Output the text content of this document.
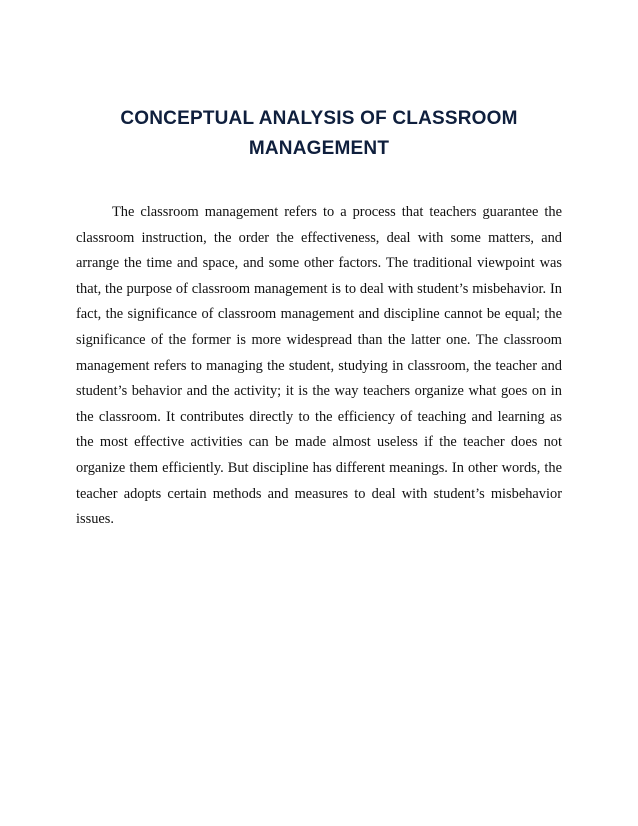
CONCEPTUAL ANALYSIS OF CLASSROOM
MANAGEMENT

The classroom management refers to a process that teachers guarantee the classroom instruction, the order the effectiveness, deal with some matters, and arrange the time and space, and some other factors. The traditional viewpoint was that, the purpose of classroom management is to deal with student’s misbehavior. In fact, the significance of classroom management and discipline cannot be equal; the significance of the former is more widespread than the latter one. The classroom management refers to managing the student, studying in classroom, the teacher and student’s behavior and the activity; it is the way teachers organize what goes on in the classroom. It contributes directly to the efficiency of teaching and learning as the most effective activities can be made almost useless if the teacher does not organize them efficiently. But discipline has different meanings. In other words, the teacher adopts certain methods and measures to deal with student’s misbehavior issues.
